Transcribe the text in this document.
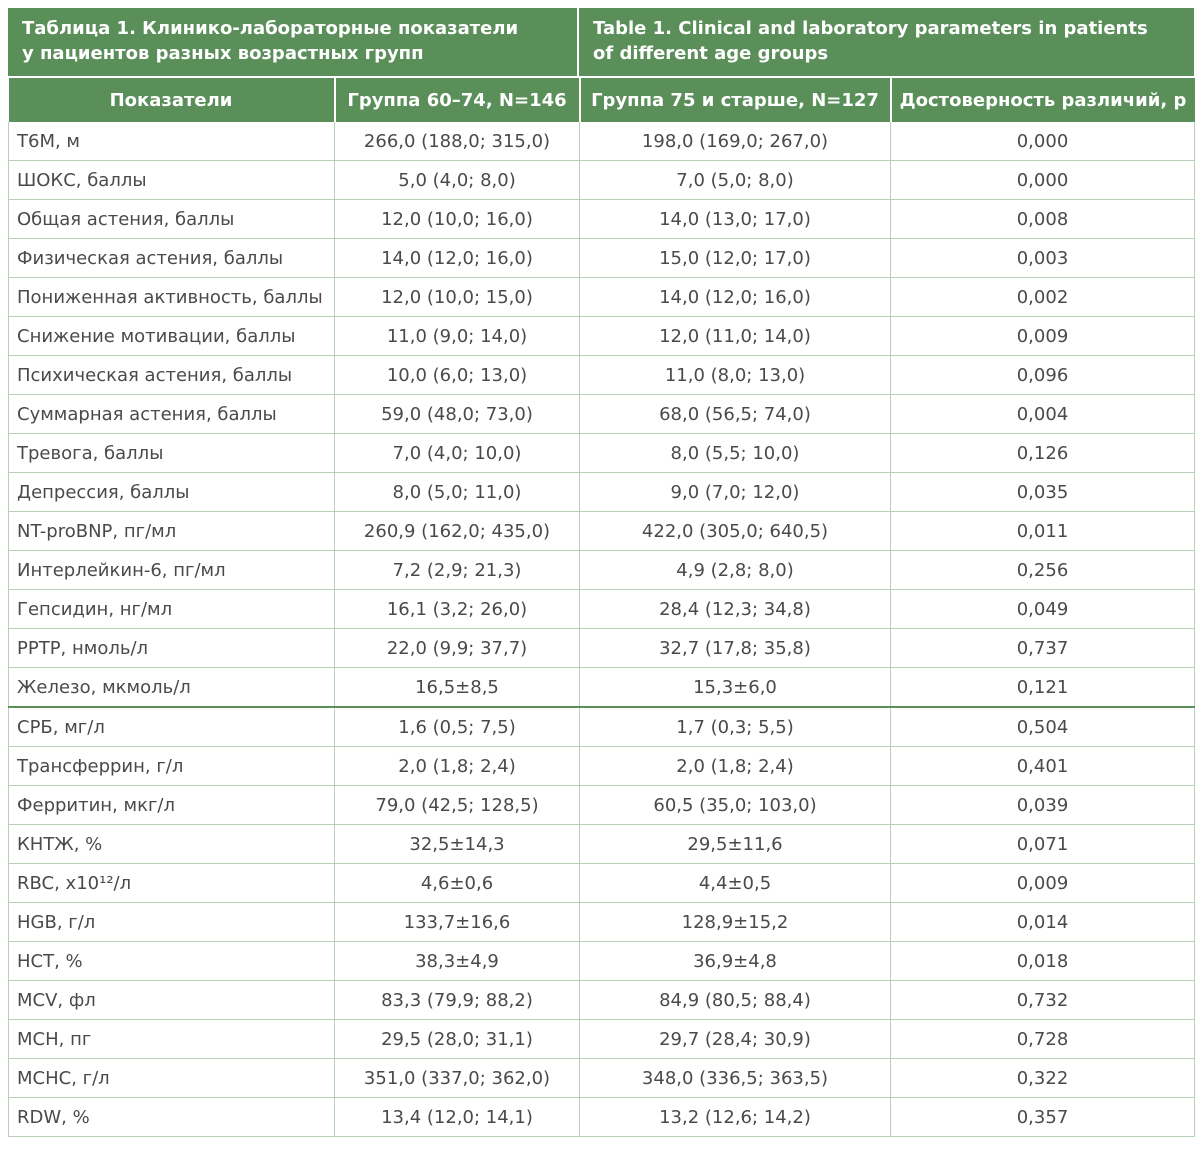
Таблица 1. Клинико-лабораторные показатели
у пациентов разных возрастных групп
Table 1. Clinical and laboratory parameters in patients
of different age groups
Показатели	Группа 60–74, N=146	Группа 75 и старше, N=127	Достоверность различий, p
Т6М, м	266,0 (188,0; 315,0)	198,0 (169,0; 267,0)	0,000
ШОКС, баллы	5,0 (4,0; 8,0)	7,0 (5,0; 8,0)	0,000
Общая астения, баллы	12,0 (10,0; 16,0)	14,0 (13,0; 17,0)	0,008
Физическая астения, баллы	14,0 (12,0; 16,0)	15,0 (12,0; 17,0)	0,003
Пониженная активность, баллы	12,0 (10,0; 15,0)	14,0 (12,0; 16,0)	0,002
Снижение мотивации, баллы	11,0 (9,0; 14,0)	12,0 (11,0; 14,0)	0,009
Психическая астения, баллы	10,0 (6,0; 13,0)	11,0 (8,0; 13,0)	0,096
Суммарная астения, баллы	59,0 (48,0; 73,0)	68,0 (56,5; 74,0)	0,004
Тревога, баллы	7,0 (4,0; 10,0)	8,0 (5,5; 10,0)	0,126
Депрессия, баллы	8,0 (5,0; 11,0)	9,0 (7,0; 12,0)	0,035
NT-proBNP, пг/мл	260,9 (162,0; 435,0)	422,0 (305,0; 640,5)	0,011
Интерлейкин-6, пг/мл	7,2 (2,9; 21,3)	4,9 (2,8; 8,0)	0,256
Гепсидин, нг/мл	16,1 (3,2; 26,0)	28,4 (12,3; 34,8)	0,049
РРТР, нмоль/л	22,0 (9,9; 37,7)	32,7 (17,8; 35,8)	0,737
Железо, мкмоль/л	16,5±8,5	15,3±6,0	0,121
СРБ, мг/л	1,6 (0,5; 7,5)	1,7 (0,3; 5,5)	0,504
Трансферрин, г/л	2,0 (1,8; 2,4)	2,0 (1,8; 2,4)	0,401
Ферритин, мкг/л	79,0 (42,5; 128,5)	60,5 (35,0; 103,0)	0,039
КНТЖ, %	32,5±14,3	29,5±11,6	0,071
RBC, x10¹²/л	4,6±0,6	4,4±0,5	0,009
HGB, г/л	133,7±16,6	128,9±15,2	0,014
HCT, %	38,3±4,9	36,9±4,8	0,018
MCV, фл	83,3 (79,9; 88,2)	84,9 (80,5; 88,4)	0,732
MCH, пг	29,5 (28,0; 31,1)	29,7 (28,4; 30,9)	0,728
MCHC, г/л	351,0 (337,0; 362,0)	348,0 (336,5; 363,5)	0,322
RDW, %	13,4 (12,0; 14,1)	13,2 (12,6; 14,2)	0,357
